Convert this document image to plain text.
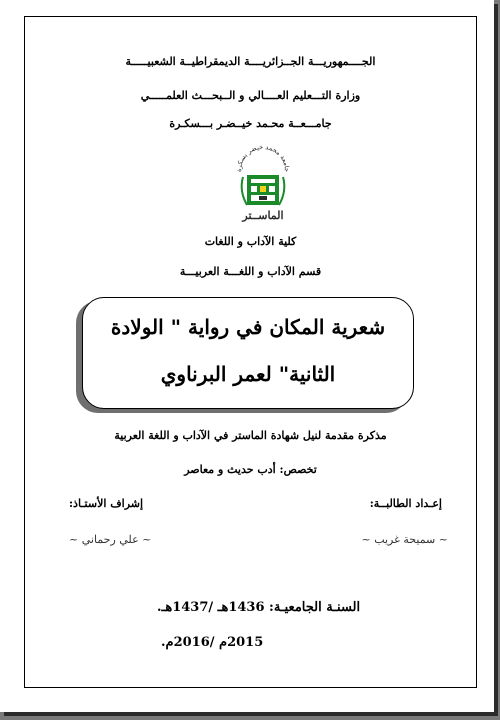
الجــــمهوريـــة الجــزائريــــة الديمقراطيــة الشعبيـــــة
وزارة التـــعليم العــــالي و الــبحـــث العلمـــــي
جامـــعــة محـمد خيــضـر بـــسكـرة
جامعة محمد خيضر بسكرة
الماســتر
كلية الآداب و اللغات
قسم الآداب و اللغـــة العربيـــة
شعرية المكان في رواية " الولادة
الثانية" لعمر البرناوي
مذكرة مقدمة لنيل شهادة الماستر في الآداب و اللغة العربية
تخصص: أدب حديث و معاصر
إعـداد الطالبــة:
إشراف الأستـاذ:
~ سميحة غريب ~
~ علي رحماني ~
السنـة الجامعيـة: 1436هـ /1437هـ.
2015م /2016م.
